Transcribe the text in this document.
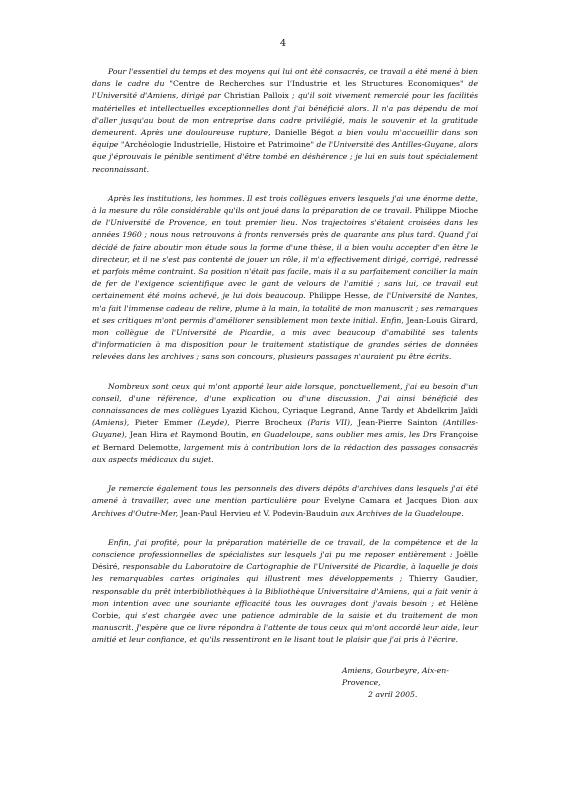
4

Pour l'essentiel du temps et des moyens qui lui ont été consacrés, ce travail a été mené à bien dans le cadre du "Centre de Recherches sur l'Industrie et les Structures Economiques" de l'Université d'Amiens, dirigé par Christian Palloix ; qu'il soit vivement remercié pour les facilités matérielles et intellectuelles exceptionnelles dont j'ai bénéficié alors. Il n'a pas dépendu de moi d'aller jusqu'au bout de mon entreprise dans cadre privilégié, mais le souvenir et la gratitude demeurent. Après une douloureuse rupture, Danielle Bégot a bien voulu m'accueillir dans son équipe "Archéologie Industrielle, Histoire et Patrimoine" de l'Université des Antilles-Guyane, alors que j'éprouvais le pénible sentiment d'être tombé en déshérence ; je lui en suis tout spécialement reconnaissant.

Après les institutions, les hommes. Il est trois collègues envers lesquels j'ai une énorme dette, à la mesure du rôle considérable qu'ils ont joué dans la préparation de ce travail. Philippe Mioche de l'Université de Provence, en tout premier lieu. Nos trajectoires s'étaient croisées dans les années 1960 ; nous nous retrouvons à fronts renversés près de quarante ans plus tard. Quand j'ai décidé de faire aboutir mon étude sous la forme d'une thèse, il a bien voulu accepter d'en être le directeur, et il ne s'est pas contenté de jouer un rôle, il m'a effectivement dirigé, corrigé, redressé et parfois même contraint. Sa position n'était pas facile, mais il a su parfaitement concilier la main de fer de l'exigence scientifique avec le gant de velours de l'amitié ; sans lui, ce travail eut certainement été moins achevé, je lui dois beaucoup. Philippe Hesse, de l'Université de Nantes, m'a fait l'immense cadeau de relire, plume à la main, la totalité de mon manuscrit ; ses remarques et ses critiques m'ont permis d'améliorer sensiblement mon texte initial. Enfin, Jean-Louis Girard, mon collègue de l'Université de Picardie, a mis avec beaucoup d'amabilité ses talents d'informaticien à ma disposition pour le traitement statistique de grandes séries de données relevées dans les archives ; sans son concours, plusieurs passages n'auraient pu être écrits.

Nombreux sont ceux qui m'ont apporté leur aide lorsque, ponctuellement, j'ai eu besoin d'un conseil, d'une référence, d'une explication ou d'une discussion. J'ai ainsi bénéficié des connaissances de mes collègues Lyazid Kichou, Cyriaque Legrand, Anne Tardy et Abdelkrim Jaïdi (Amiens), Pieter Emmer (Leyde), Pierre Brocheux (Paris VII), Jean-Pierre Sainton (Antilles-Guyane), Jean Hira et Raymond Boutin, en Guadeloupe, sans oublier mes amis, les Drs Françoise et Bernard Delemotte, largement mis à contribution lors de la rédaction des passages consacrés aux aspects médicaux du sujet.

Je remercie également tous les personnels des divers dépôts d'archives dans lesquels j'ai été amené à travailler, avec une mention particulière pour Evelyne Camara et Jacques Dion aux Archives d'Outre-Mer, Jean-Paul Hervieu et V. Podevin-Bauduin aux Archives de la Guadeloupe.

Enfin, j'ai profité, pour la préparation matérielle de ce travail, de la compétence et de la conscience professionnelles de spécialistes sur lesquels j'ai pu me reposer entièrement : Joëlle Désiré, responsable du Laboratoire de Cartographie de l'Université de Picardie, à laquelle je dois les remarquables cartes originales qui illustrent mes développements ; Thierry Gaudier, responsable du prêt interbibliothèques à la Bibliothèque Universitaire d'Amiens, qui a fait venir à mon intention avec une souriante efficacité tous les ouvrages dont j'avais besoin ; et Hélène Corbie, qui s'est chargée avec une patience admirable de la saisie et du traitement de mon manuscrit. J'espère que ce livre répondra à l'attente de tous ceux qui m'ont accordé leur aide, leur amitié et leur confiance, et qu'ils ressentiront en le lisant tout le plaisir que j'ai pris à l'écrire.

Amiens, Gourbeyre, Aix-en-Provence,
2 avril 2005.
